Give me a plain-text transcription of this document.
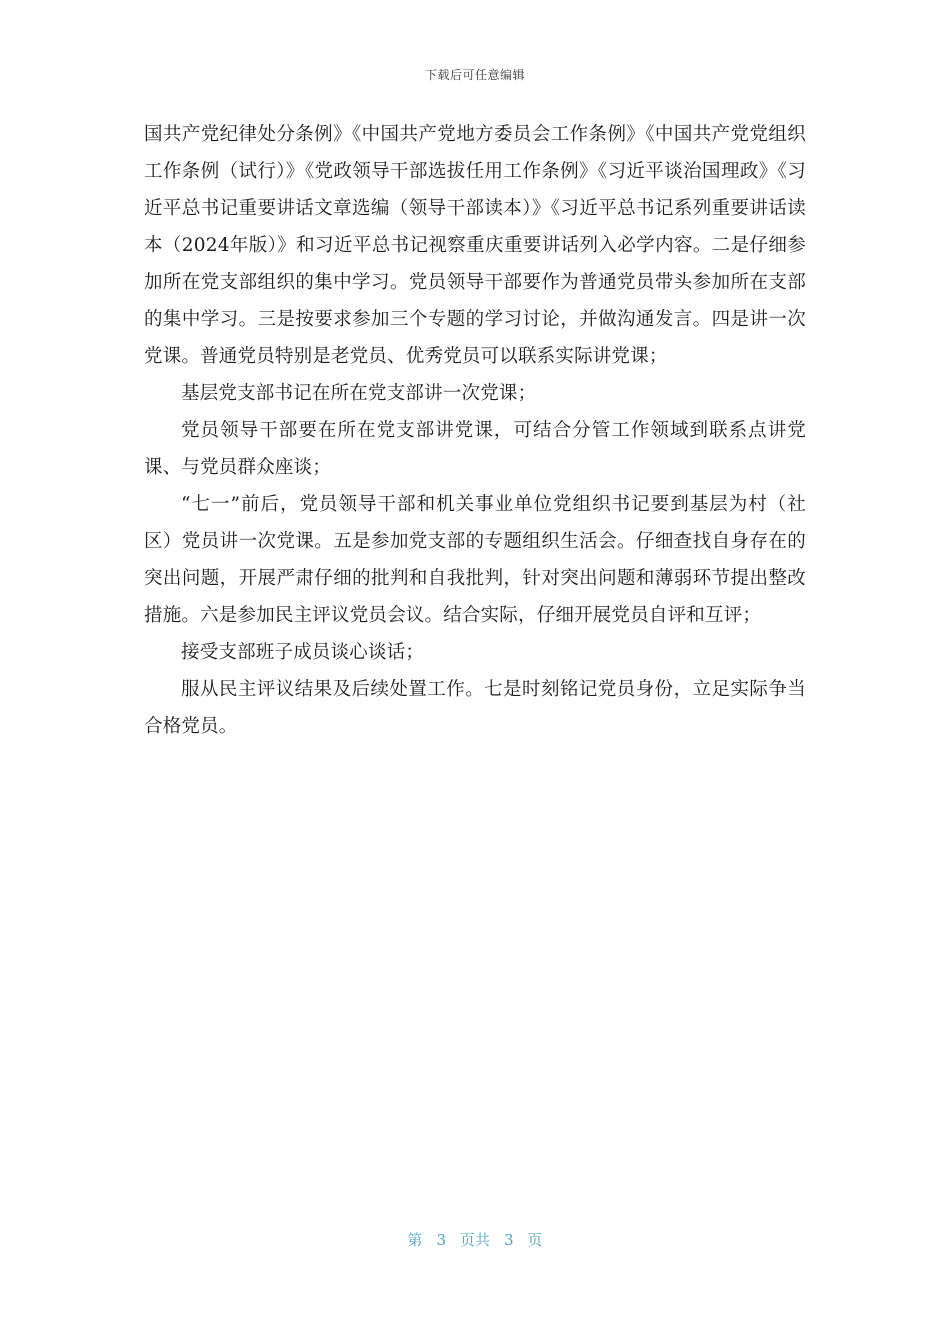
下载后可任意编辑

国共产党纪律处分条例》《中国共产党地方委员会工作条例》《中国共产党党组织工作条例（试行）》《党政领导干部选拔任用工作条例》《习近平谈治国理政》《习近平总书记重要讲话文章选编（领导干部读本）》《习近平总书记系列重要讲话读本（2024年版）》和习近平总书记视察重庆重要讲话列入必学内容。二是仔细参加所在党支部组织的集中学习。党员领导干部要作为普通党员带头参加所在支部的集中学习。三是按要求参加三个专题的学习讨论，并做沟通发言。四是讲一次党课。普通党员特别是老党员、优秀党员可以联系实际讲党课；

基层党支部书记在所在党支部讲一次党课；

党员领导干部要在所在党支部讲党课，可结合分管工作领域到联系点讲党课、与党员群众座谈；

“七一”前后，党员领导干部和机关事业单位党组织书记要到基层为村（社区）党员讲一次党课。五是参加党支部的专题组织生活会。仔细查找自身存在的突出问题，开展严肃仔细的批判和自我批判，针对突出问题和薄弱环节提出整改措施。六是参加民主评议党员会议。结合实际，仔细开展党员自评和互评；

接受支部班子成员谈心谈话；

服从民主评议结果及后续处置工作。七是时刻铭记党员身份，立足实际争当合格党员。

第 3 页共 3 页
